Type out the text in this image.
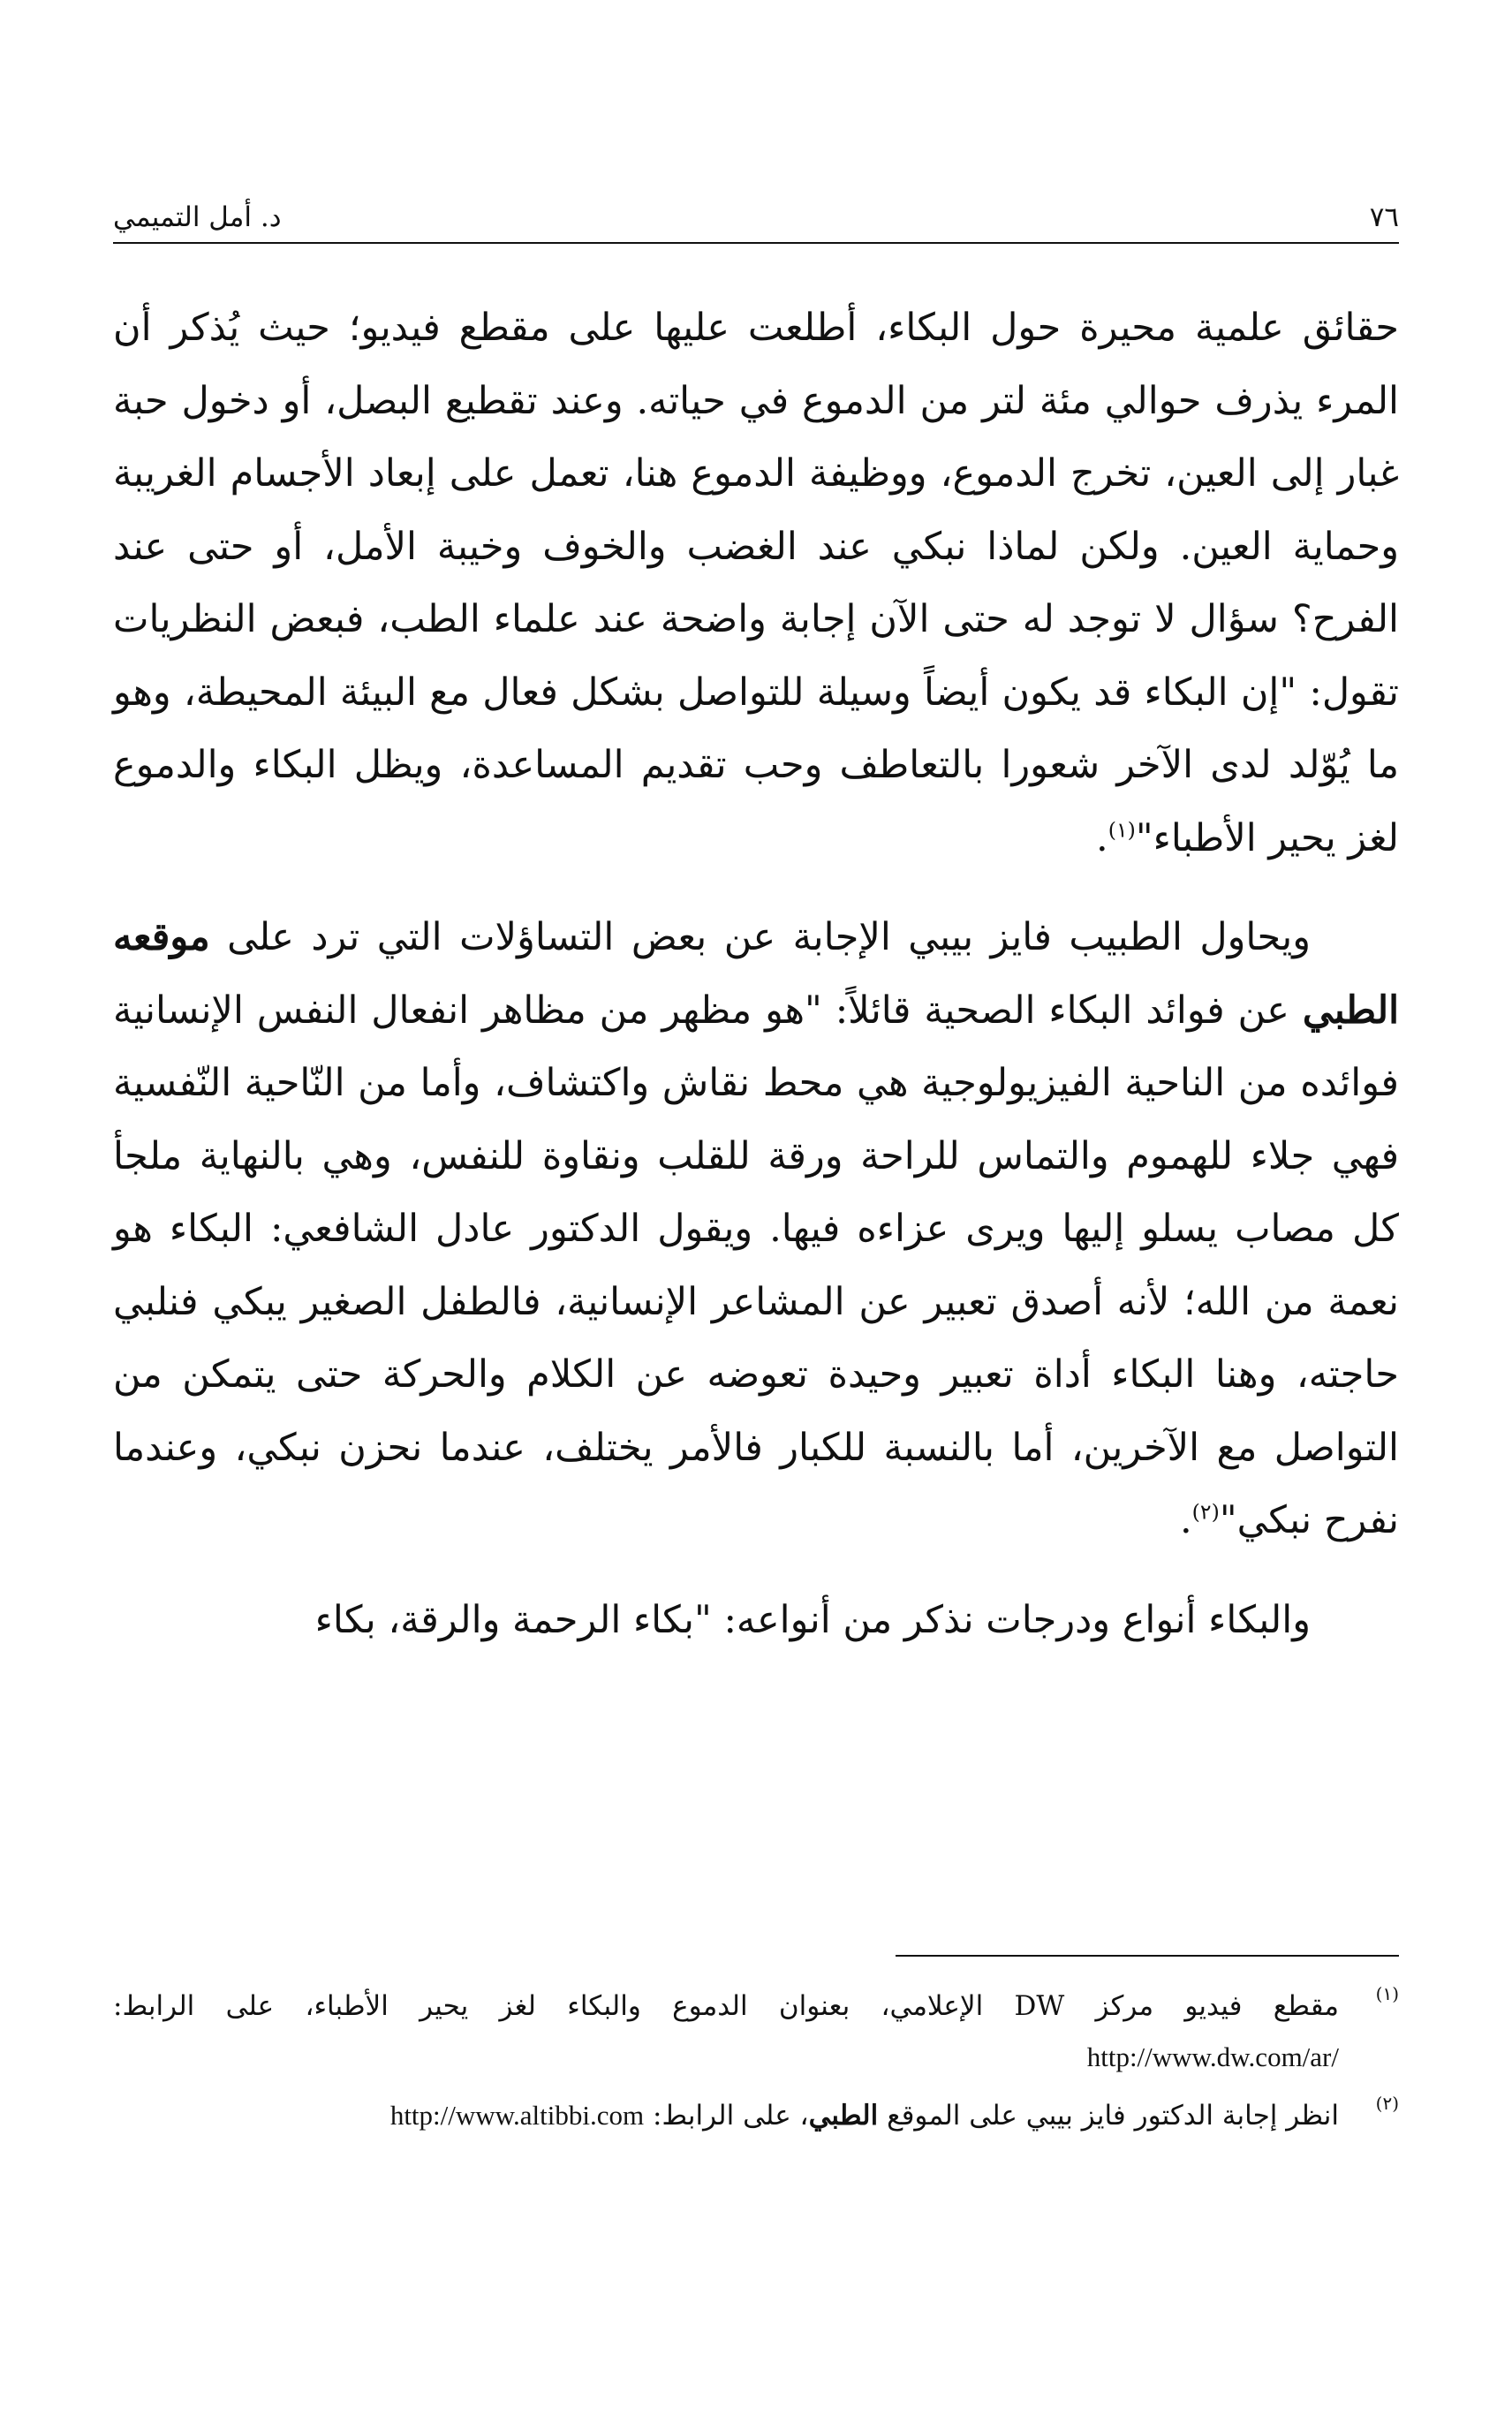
٧٦
د. أمل التميمي

حقائق علمية محيرة حول البكاء، أطلعت عليها على مقطع فيديو؛ حيث يُذكر أن المرء يذرف حوالي مئة لتر من الدموع في حياته. وعند تقطيع البصل، أو دخول حبة غبار إلى العين، تخرج الدموع، ووظيفة الدموع هنا، تعمل على إبعاد الأجسام الغريبة وحماية العين. ولكن لماذا نبكي عند الغضب والخوف وخيبة الأمل، أو حتى عند الفرح؟ سؤال لا توجد له حتى الآن إجابة واضحة عند علماء الطب، فبعض النظريات تقول: "إن البكاء قد يكون أيضاً وسيلة للتواصل بشكل فعال مع البيئة المحيطة، وهو ما يُوّلد لدى الآخر شعورا بالتعاطف وحب تقديم المساعدة، ويظل البكاء والدموع لغز يحير الأطباء"$^{(١)}$.

ويحاول الطبيب فايز بيبي الإجابة عن بعض التساؤلات التي ترد على موقعه الطبي عن فوائد البكاء الصحية قائلاً: "هو مظهر من مظاهر انفعال النفس الإنسانية فوائده من الناحية الفيزيولوجية هي محط نقاش واكتشاف، وأما من النّاحية النّفسية فهي جلاء للهموم والتماس للراحة ورقة للقلب ونقاوة للنفس، وهي بالنهاية ملجأ كل مصاب يسلو إليها ويرى عزاءه فيها. ويقول الدكتور عادل الشافعي: البكاء هو نعمة من الله؛ لأنه أصدق تعبير عن المشاعر الإنسانية، فالطفل الصغير يبكي فنلبي حاجته، وهنا البكاء أداة تعبير وحيدة تعوضه عن الكلام والحركة حتى يتمكن من التواصل مع الآخرين، أما بالنسبة للكبار فالأمر يختلف، عندما نحزن نبكي، وعندما نفرح نبكي"$^{(٢)}$.

والبكاء أنواع ودرجات نذكر من أنواعه: "بكاء الرحمة والرقة، بكاء

(١)
مقطع فيديو مركز DW الإعلامي، بعنوان الدموع والبكاء لغز يحير الأطباء، على الرابط:
http://www.dw.com/ar/
(٢)
انظر إجابة الدكتور فايز بيبي على الموقع الطبي، على الرابط: http://www.altibbi.com
